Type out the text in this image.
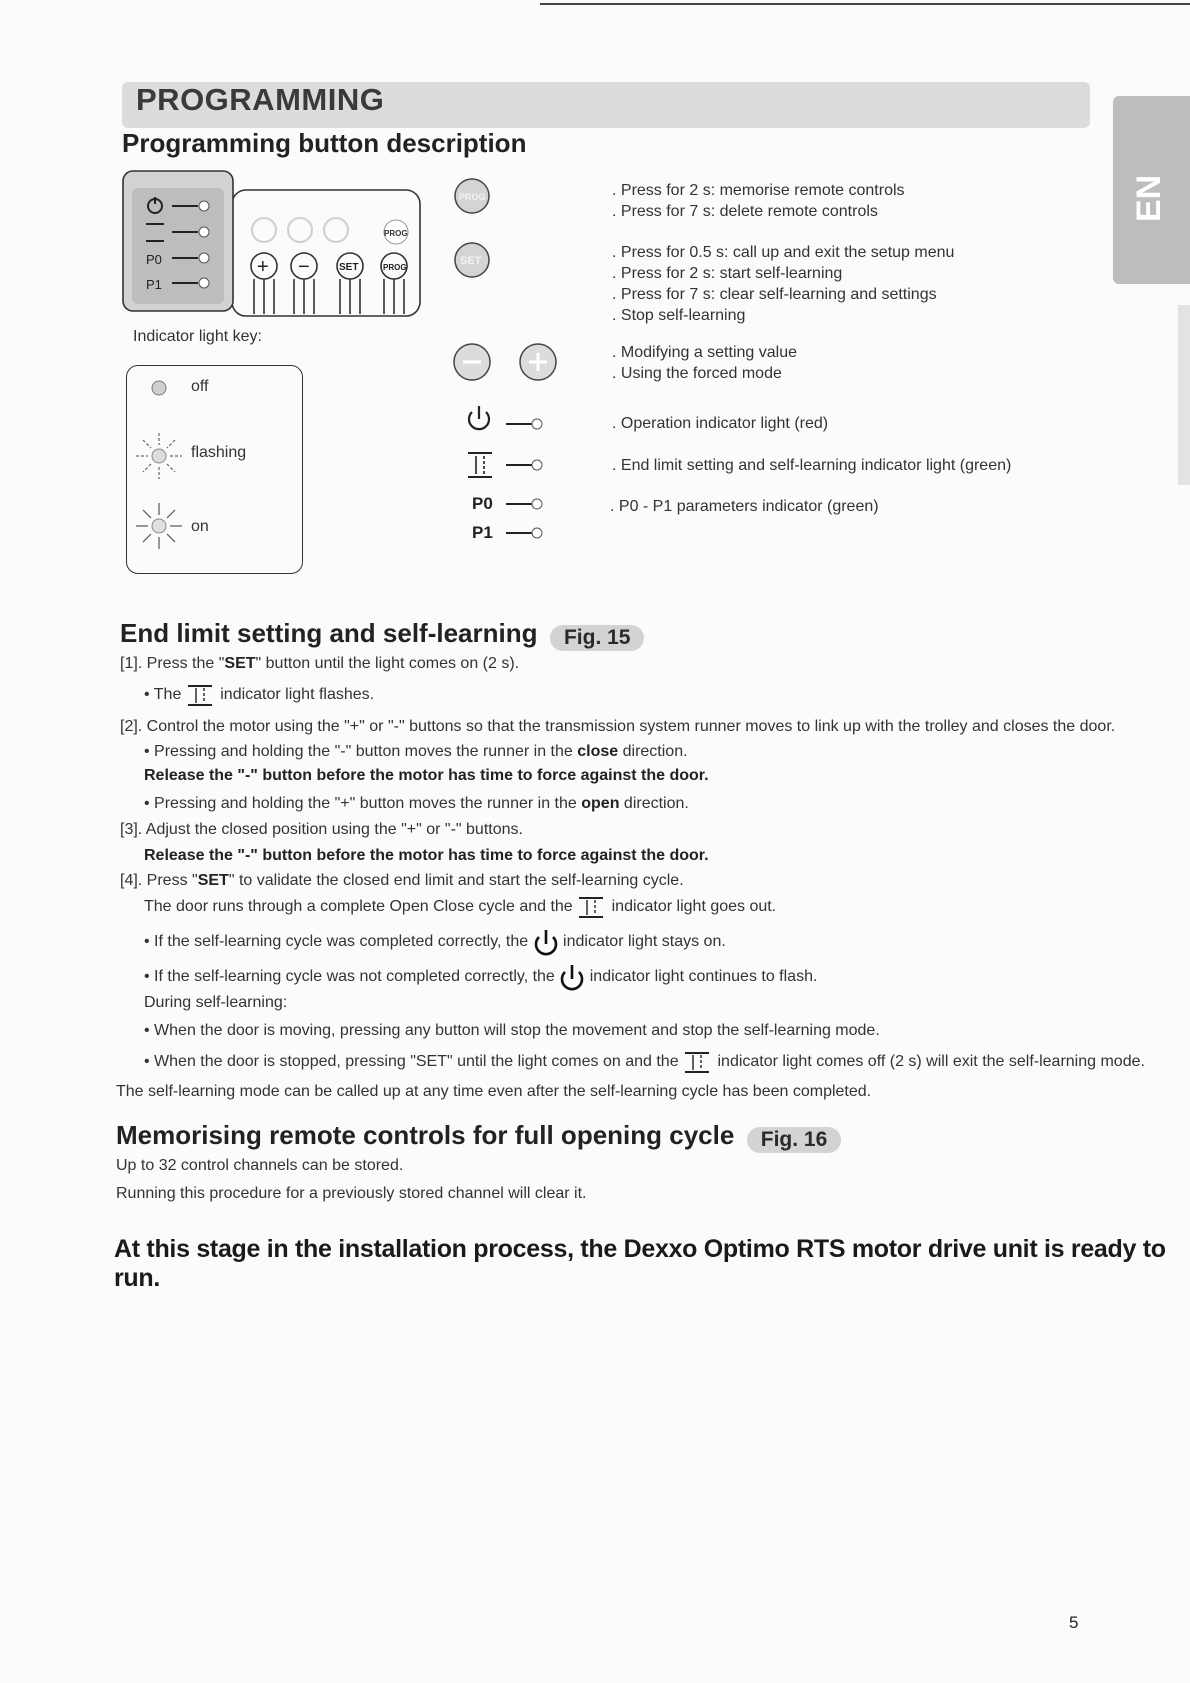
PROGRAMMING
EN
Programming button description
P0
P1
PROG
+ −	SET	PROG
Indicator light key:
off
flashing
on
PROG
SET
P0
P1
. Press for 2 s: memorise remote controls
. Press for 7 s: delete remote controls
. Press for 0.5 s: call up and exit the setup menu
. Press for 2 s: start self-learning
. Press for 7 s: clear self-learning and settings
. Stop self-learning
. Modifying a setting value
. Using the forced mode
. Operation indicator light (red)
. End limit setting and self-learning indicator light (green)
. P0 - P1 parameters indicator (green)
End limit setting and self-learning Fig. 15
[1]. Press the "SET" button until the light comes on (2 s).
• The indicator light flashes.
[2]. Control the motor using the "+" or "-" buttons so that the transmission system runner moves to link up with the trolley and closes the door.
• Pressing and holding the "-" button moves the runner in the close direction.
Release the "-" button before the motor has time to force against the door.
• Pressing and holding the "+" button moves the runner in the open direction.
[3]. Adjust the closed position using the "+" or "-" buttons.
Release the "-" button before the motor has time to force against the door.
[4]. Press "SET" to validate the closed end limit and start the self-learning cycle.
The door runs through a complete Open Close cycle and the indicator light goes out.
• If the self-learning cycle was completed correctly, the indicator light stays on.
• If the self-learning cycle was not completed correctly, the indicator light continues to flash.
During self-learning:
• When the door is moving, pressing any button will stop the movement and stop the self-learning mode.
• When the door is stopped, pressing "SET" until the light comes on and the indicator light comes off (2 s) will exit the self-learning mode.
The self-learning mode can be called up at any time even after the self-learning cycle has been completed.
Memorising remote controls for full opening cycle Fig. 16
Up to 32 control channels can be stored.
Running this procedure for a previously stored channel will clear it.
At this stage in the installation process, the Dexxo Optimo RTS motor drive unit is ready to run.
5
